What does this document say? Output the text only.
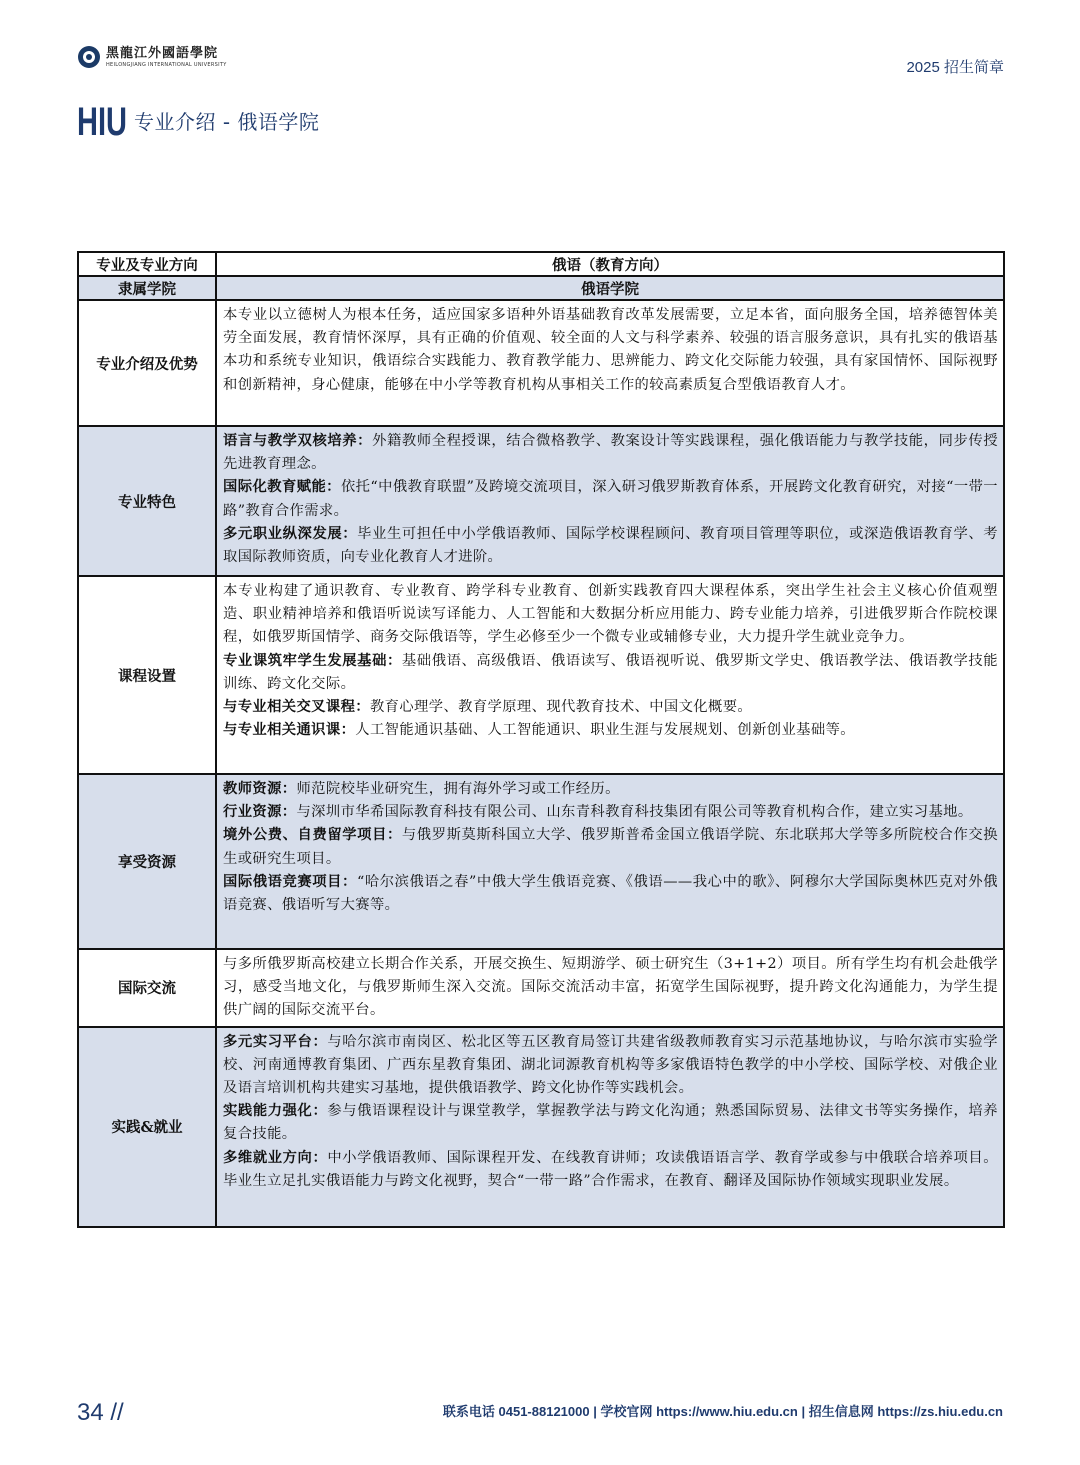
黑龍江外國語學院
HEILONGJIANG INTERNATIONAL UNIVERSITY	2025 招生简章
HIU 专业介绍 - 俄语学院
专业及专业方向	俄语（教育方向）
隶属学院	俄语学院
专业介绍及优势	本专业以立德树人为根本任务，适应国家多语种外语基础教育改革发展需要，立足本省，面向服务全国，培养德智体美劳全面发展，教育情怀深厚，具有正确的价值观、较全面的人文与科学素养、较强的语言服务意识，具有扎实的俄语基本功和系统专业知识，俄语综合实践能力、教育教学能力、思辨能力、跨文化交际能力较强，具有家国情怀、国际视野和创新精神，身心健康，能够在中小学等教育机构从事相关工作的较高素质复合型俄语教育人才。

专业特色	语言与教学双核培养：外籍教师全程授课，结合微格教学、教案设计等实践课程，强化俄语能力与教学技能，同步传授先进教育理念。

国际化教育赋能：依托“中俄教育联盟”及跨境交流项目，深入研习俄罗斯教育体系，开展跨文化教育研究，对接“一带一路”教育合作需求。

多元职业纵深发展：毕业生可担任中小学俄语教师、国际学校课程顾问、教育项目管理等职位，或深造俄语教育学、考取国际教师资质，向专业化教育人才进阶。

课程设置	本专业构建了通识教育、专业教育、跨学科专业教育、创新实践教育四大课程体系，突出学生社会主义核心价值观塑造、职业精神培养和俄语听说读写译能力、人工智能和大数据分析应用能力、跨专业能力培养，引进俄罗斯合作院校课程，如俄罗斯国情学、商务交际俄语等，学生必修至少一个微专业或辅修专业，大力提升学生就业竞争力。

专业课筑牢学生发展基础：基础俄语、高级俄语、俄语读写、俄语视听说、俄罗斯文学史、俄语教学法、俄语教学技能训练、跨文化交际。

与专业相关交叉课程：教育心理学、教育学原理、现代教育技术、中国文化概要。

与专业相关通识课：人工智能通识基础、人工智能通识、职业生涯与发展规划、创新创业基础等。

享受资源	教师资源：师范院校毕业研究生，拥有海外学习或工作经历。

行业资源：与深圳市华希国际教育科技有限公司、山东青科教育科技集团有限公司等教育机构合作，建立实习基地。

境外公费、自费留学项目：与俄罗斯莫斯科国立大学、俄罗斯普希金国立俄语学院、东北联邦大学等多所院校合作交换生或研究生项目。

国际俄语竞赛项目：“哈尔滨俄语之春”中俄大学生俄语竞赛、《俄语——我心中的歌》、阿穆尔大学国际奥林匹克对外俄语竞赛、俄语听写大赛等。

国际交流	与多所俄罗斯高校建立长期合作关系，开展交换生、短期游学、硕士研究生（3+1+2）项目。所有学生均有机会赴俄学习，感受当地文化，与俄罗斯师生深入交流。国际交流活动丰富，拓宽学生国际视野，提升跨文化沟通能力，为学生提供广阔的国际交流平台。

实践&就业	多元实习平台：与哈尔滨市南岗区、松北区等五区教育局签订共建省级教师教育实习示范基地协议，与哈尔滨市实验学校、河南通博教育集团、广西东星教育集团、湖北词源教育机构等多家俄语特色教学的中小学校、国际学校、对俄企业及语言培训机构共建实习基地，提供俄语教学、跨文化协作等实践机会。

实践能力强化：参与俄语课程设计与课堂教学，掌握教学法与跨文化沟通；熟悉国际贸易、法律文书等实务操作，培养复合技能。

多维就业方向：中小学俄语教师、国际课程开发、在线教育讲师；攻读俄语语言学、教育学或参与中俄联合培养项目。毕业生立足扎实俄语能力与跨文化视野，契合“一带一路”合作需求，在教育、翻译及国际协作领域实现职业发展。

34 //	联系电话 0451-88121000 | 学校官网 https://www.hiu.edu.cn | 招生信息网 https://zs.hiu.edu.cn
